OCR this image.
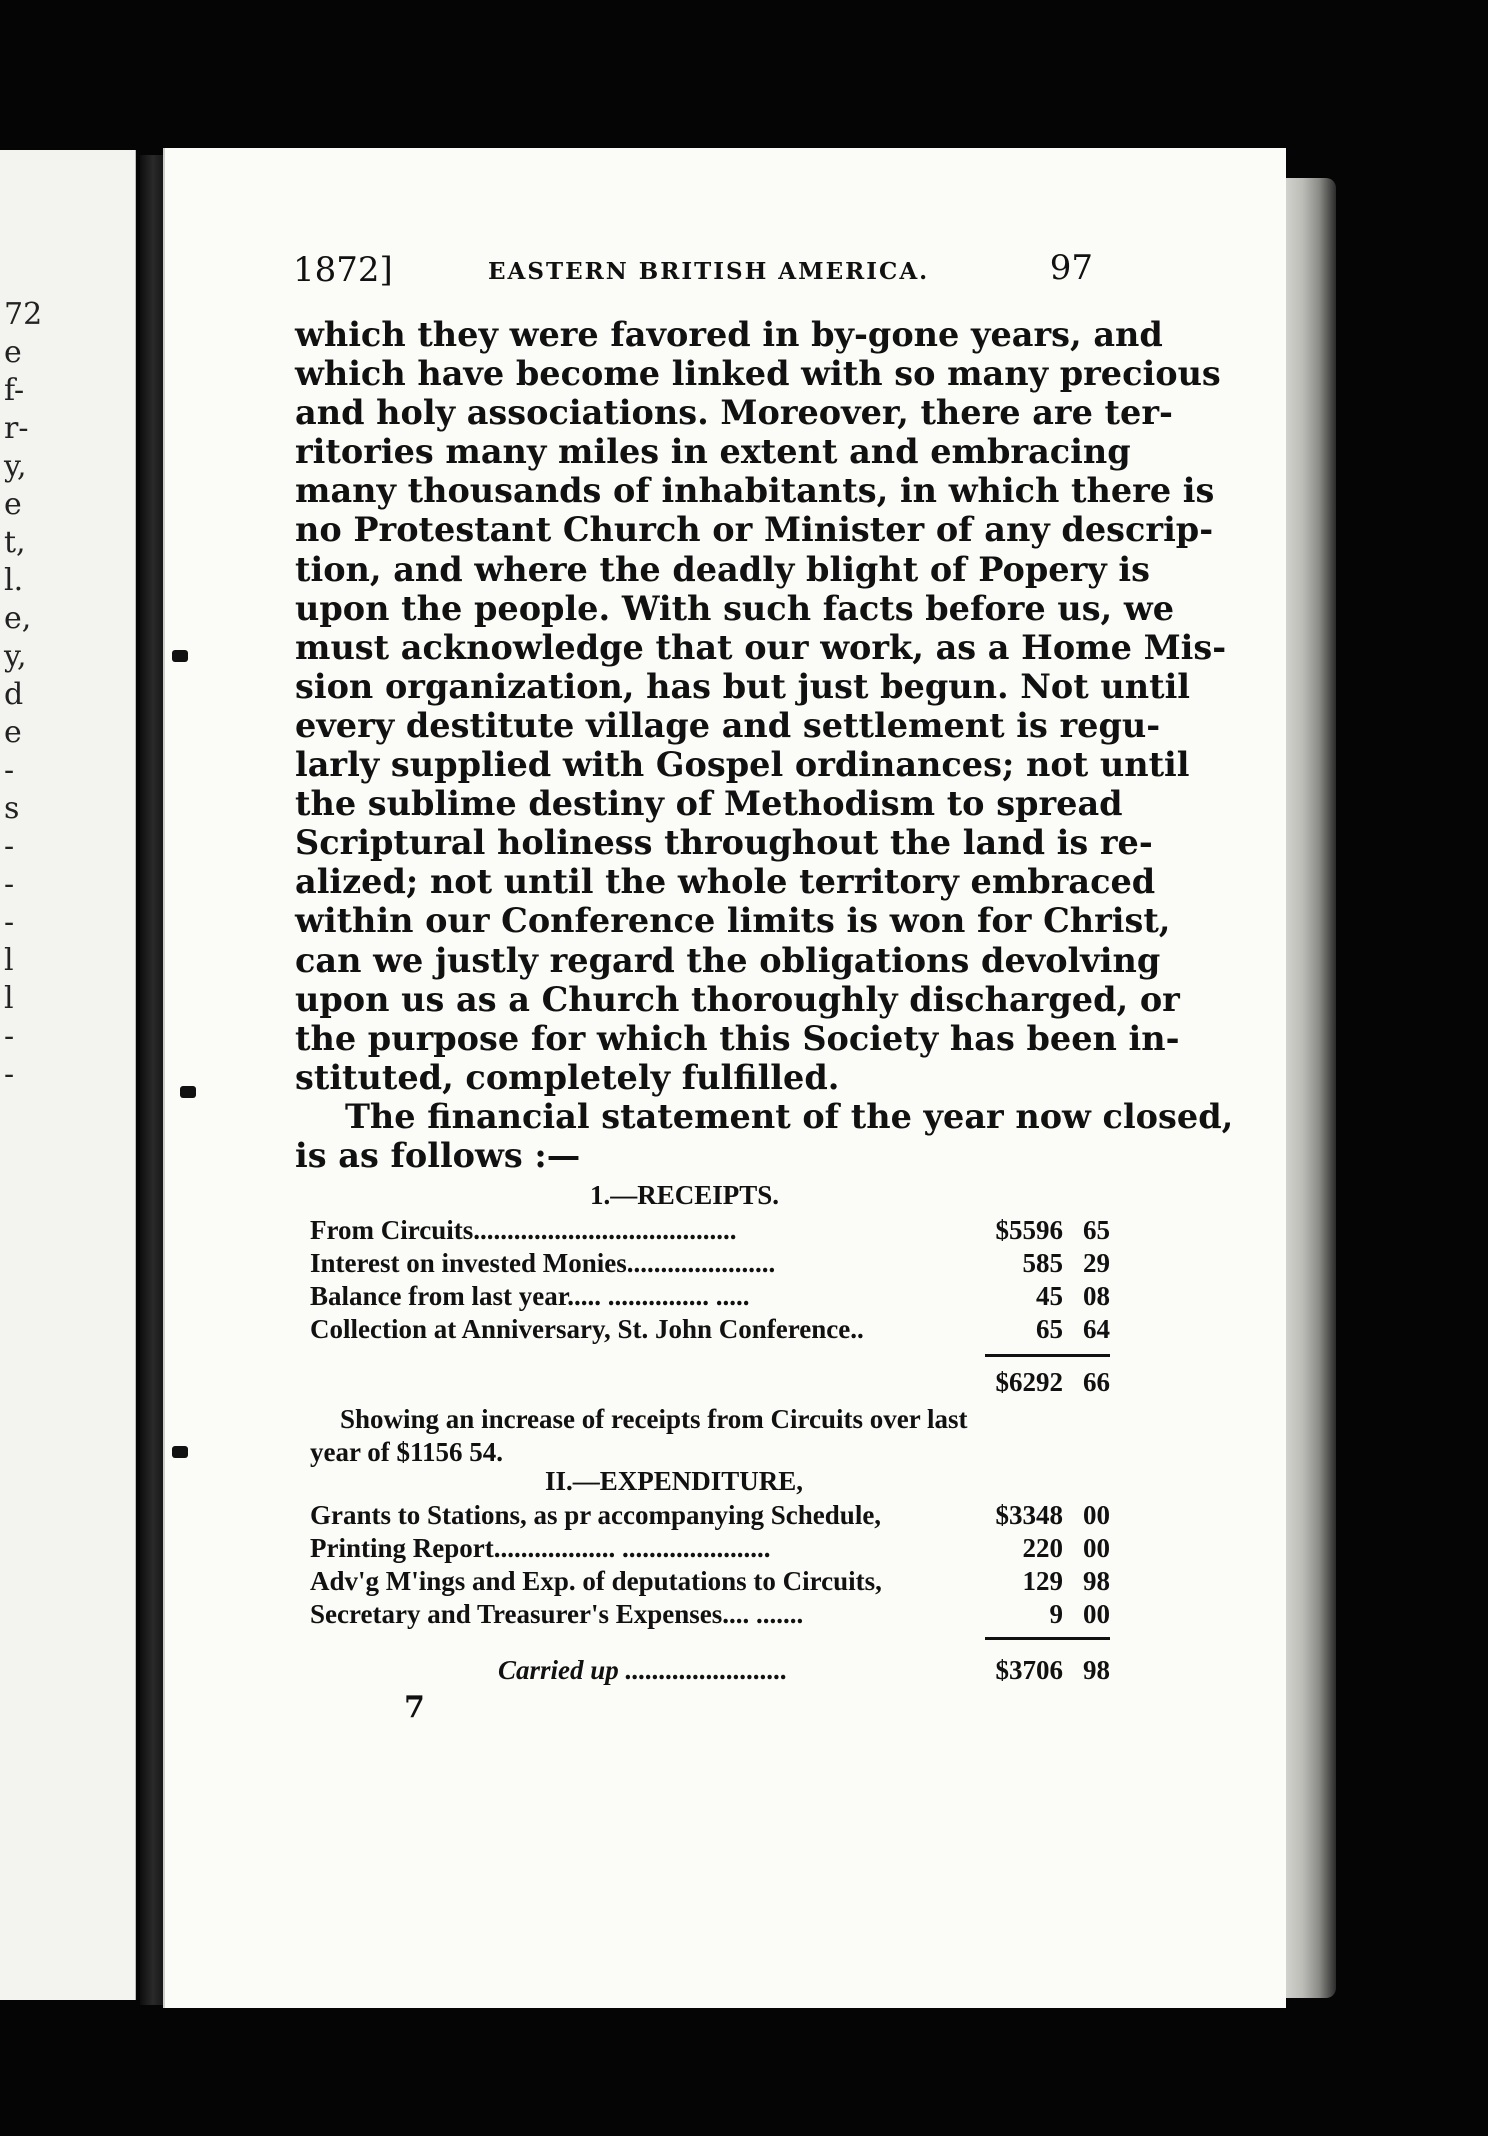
72
e
f-
r-
y,
e
t,
l.
e,
y,
d
e
-
s
-
-
-
l
l
-
-
1872]	EASTERN BRITISH AMERICA.	97
which they were favored in by-gone years, and
which have become linked with so many precious
and holy associations. Moreover, there are ter-
ritories many miles in extent and embracing
many thousands of inhabitants, in which there is
no Protestant Church or Minister of any descrip-
tion, and where the deadly blight of Popery is
upon the people. With such facts before us, we
must acknowledge that our work, as a Home Mis-
sion organization, has but just begun. Not until
every destitute village and settlement is regu-
larly supplied with Gospel ordinances; not until
the sublime destiny of Methodism to spread
Scriptural holiness throughout the land is re-
alized; not until the whole territory embraced
within our Conference limits is won for Christ,
can we justly regard the obligations devolving
upon us as a Church thoroughly discharged, or
the purpose for which this Society has been in-
stituted, completely fulfilled.
The financial statement of the year now closed,
is as follows :—
1.—RECEIPTS.
From Circuits.......................................	$5596 65
Interest on invested Monies......................	585 29
Balance from last year..... ............... .....	45 08
Collection at Anniversary, St. John Conference..	65 64
$6292 66
Showing an increase of receipts from Circuits over last
year of $1156 54.
II.—EXPENDITURE,
Grants to Stations, as pr accompanying Schedule,	$3348 00
Printing Report.................. ......................	220 00
Adv'g M'ings and Exp. of deputations to Circuits,	129 98
Secretary and Treasurer's Expenses.... .......	9 00
Carried up ........................	$3706 98
7
